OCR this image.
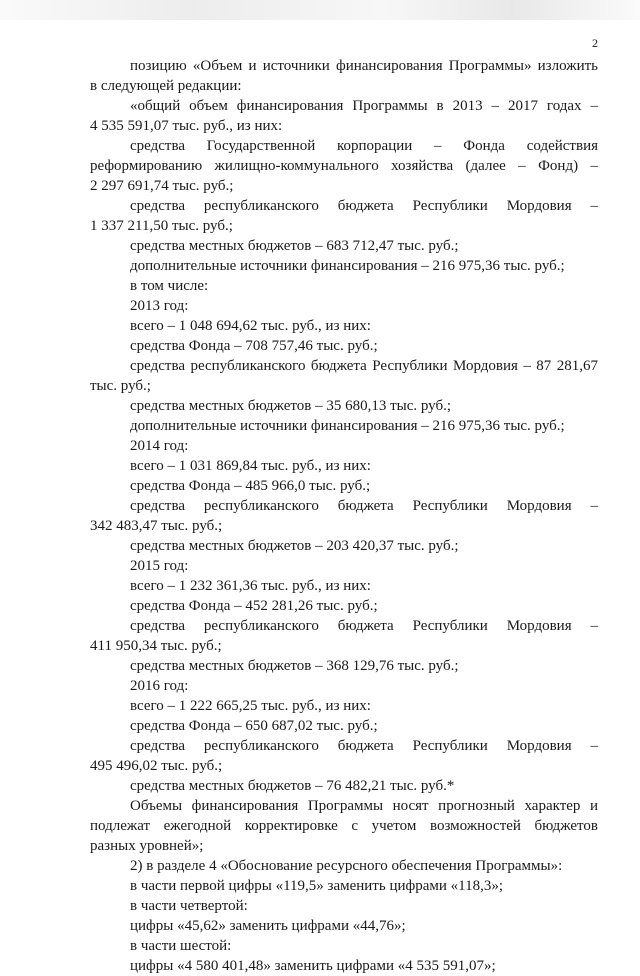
2
позицию «Объем и источники финансирования Программы» изложить
в следующей редакции:
«общий объем финансирования Программы в 2013 – 2017 годах –
4 535 591,07 тыс. руб., из них:
средства Государственной корпорации – Фонда содействия
реформированию жилищно-коммунального хозяйства (далее – Фонд) –
2 297 691,74 тыс. руб.;
средства республиканского бюджета Республики Мордовия –
1 337 211,50 тыс. руб.;
средства местных бюджетов – 683 712,47 тыс. руб.;
дополнительные источники финансирования – 216 975,36 тыс. руб.;
в том числе:
2013 год:
всего – 1 048 694,62 тыс. руб., из них:
средства Фонда – 708 757,46 тыс. руб.;
средства республиканского бюджета Республики Мордовия – 87 281,67
тыс. руб.;
средства местных бюджетов – 35 680,13 тыс. руб.;
дополнительные источники финансирования – 216 975,36 тыс. руб.;
2014 год:
всего – 1 031 869,84 тыс. руб., из них:
средства Фонда – 485 966,0 тыс. руб.;
средства республиканского бюджета Республики Мордовия –
342 483,47 тыс. руб.;
средства местных бюджетов – 203 420,37 тыс. руб.;
2015 год:
всего – 1 232 361,36 тыс. руб., из них:
средства Фонда – 452 281,26 тыс. руб.;
средства республиканского бюджета Республики Мордовия –
411 950,34 тыс. руб.;
средства местных бюджетов – 368 129,76 тыс. руб.;
2016 год:
всего – 1 222 665,25 тыс. руб., из них:
средства Фонда – 650 687,02 тыс. руб.;
средства республиканского бюджета Республики Мордовия –
495 496,02 тыс. руб.;
средства местных бюджетов – 76 482,21 тыс. руб.*
Объемы финансирования Программы носят прогнозный характер и
подлежат ежегодной корректировке с учетом возможностей бюджетов
разных уровней»;
2) в разделе 4 «Обоснование ресурсного обеспечения Программы»:
в части первой цифры «119,5» заменить цифрами «118,3»;
в части четвертой:
цифры «45,62» заменить цифрами «44,76»;
в части шестой:
цифры «4 580 401,48» заменить цифрами «4 535 591,07»;
